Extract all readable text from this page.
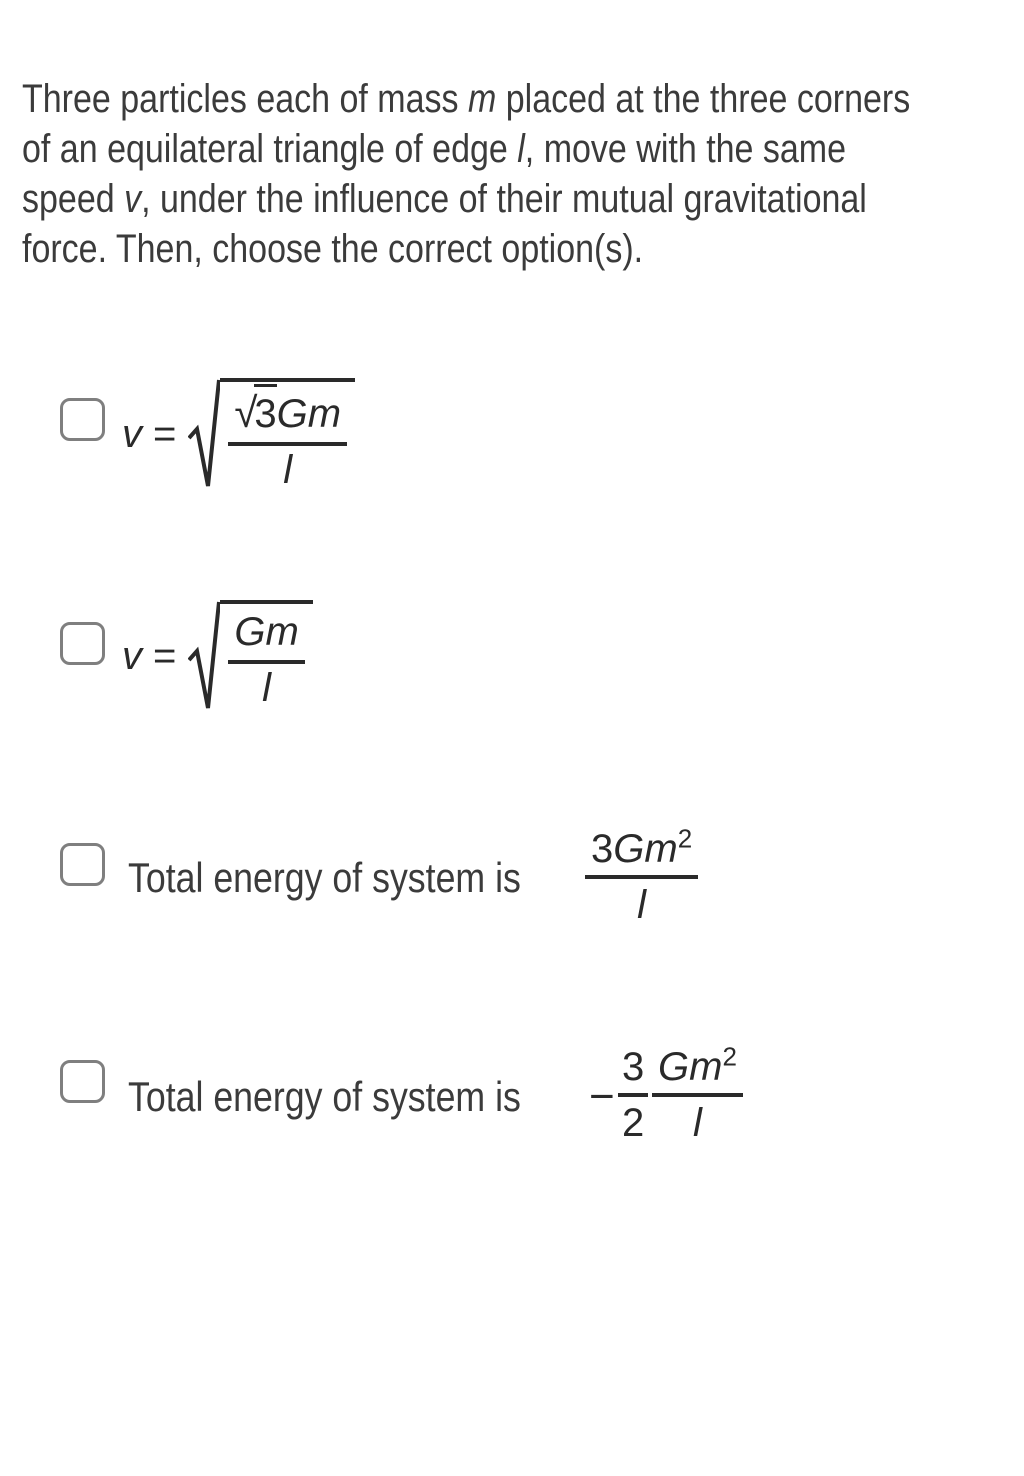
Three particles each of mass m placed at the three corners
of an equilateral triangle of edge l, move with the same
speed v, under the influence of their mutual gravitational
force. Then, choose the correct option(s).
v = √
3 Gm
l
$v = \frac{Gm}{l}$
Total energy of system is $\frac{3Gm^2}{l}$
Total energy of system is − $\frac{3}{2} \frac{Gm^2}{l}$
